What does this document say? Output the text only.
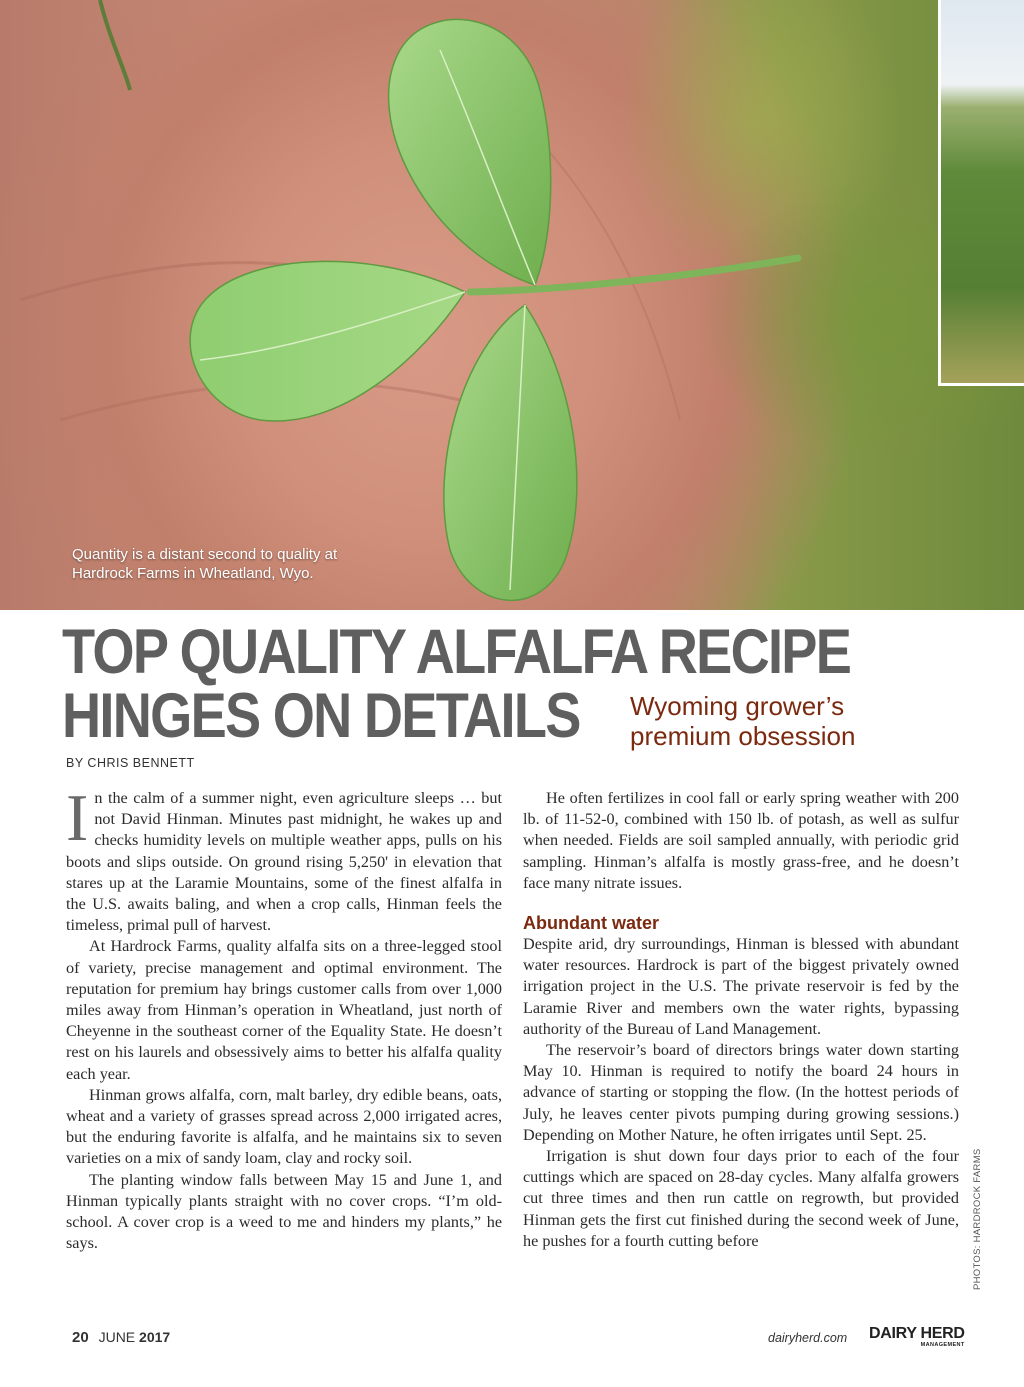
Quantity is a distant second to quality at Hardrock Farms in Wheatland, Wyo.
TOP QUALITY ALFALFA RECIPE
HINGES ON DETAILS	Wyoming grower’s premium obsession
BY CHRIS BENNETT

In the calm of a summer night, even agriculture sleeps … but not David Hinman. Minutes past midnight, he wakes up and checks humidity levels on multiple weather apps, pulls on his boots and slips outside. On ground rising 5,250' in elevation that stares up at the Laramie Mountains, some of the finest alfalfa in the U.S. awaits baling, and when a crop calls, Hinman feels the timeless, primal pull of harvest.

At Hardrock Farms, quality alfalfa sits on a three-legged stool of variety, precise management and optimal environment. The reputation for premium hay brings customer calls from over 1,000 miles away from Hinman’s operation in Wheatland, just north of Cheyenne in the southeast corner of the Equality State. He doesn’t rest on his laurels and obsessively aims to better his alfalfa quality each year.

Hinman grows alfalfa, corn, malt barley, dry edible beans, oats, wheat and a variety of grasses spread across 2,000 irrigated acres, but the enduring favorite is alfalfa, and he maintains six to seven varieties on a mix of sandy loam, clay and rocky soil.

The planting window falls between May 15 and June 1, and Hinman typically plants straight with no cover crops. “I’m old-school. A cover crop is a weed to me and hinders my plants,” he says.

He often fertilizes in cool fall or early spring weather with 200 lb. of 11-52-0, combined with 150 lb. of potash, as well as sulfur when needed. Fields are soil sampled annually, with periodic grid sampling. Hinman’s alfalfa is mostly grass-free, and he doesn’t face many nitrate issues.

Abundant water

Despite arid, dry surroundings, Hinman is blessed with abundant water resources. Hardrock is part of the biggest privately owned irrigation project in the U.S. The private reservoir is fed by the Laramie River and members own the water rights, bypassing authority of the Bureau of Land Management.

The reservoir’s board of directors brings water down starting May 10. Hinman is required to notify the board 24 hours in advance of starting or stopping the flow. (In the hottest periods of July, he leaves center pivots pumping during growing sessions.) Depending on Mother Nature, he often irrigates until Sept. 25.

Irrigation is shut down four days prior to each of the four cuttings which are spaced on 28-day cycles. Many alfalfa growers cut three times and then run cattle on regrowth, but provided Hinman gets the first cut finished during the second week of June, he pushes for a fourth cutting before	PHOTOS: HARDROCK FARMS
20 JUNE 2017	dairyherd.com DAIRY HERD
MANAGEMENT
